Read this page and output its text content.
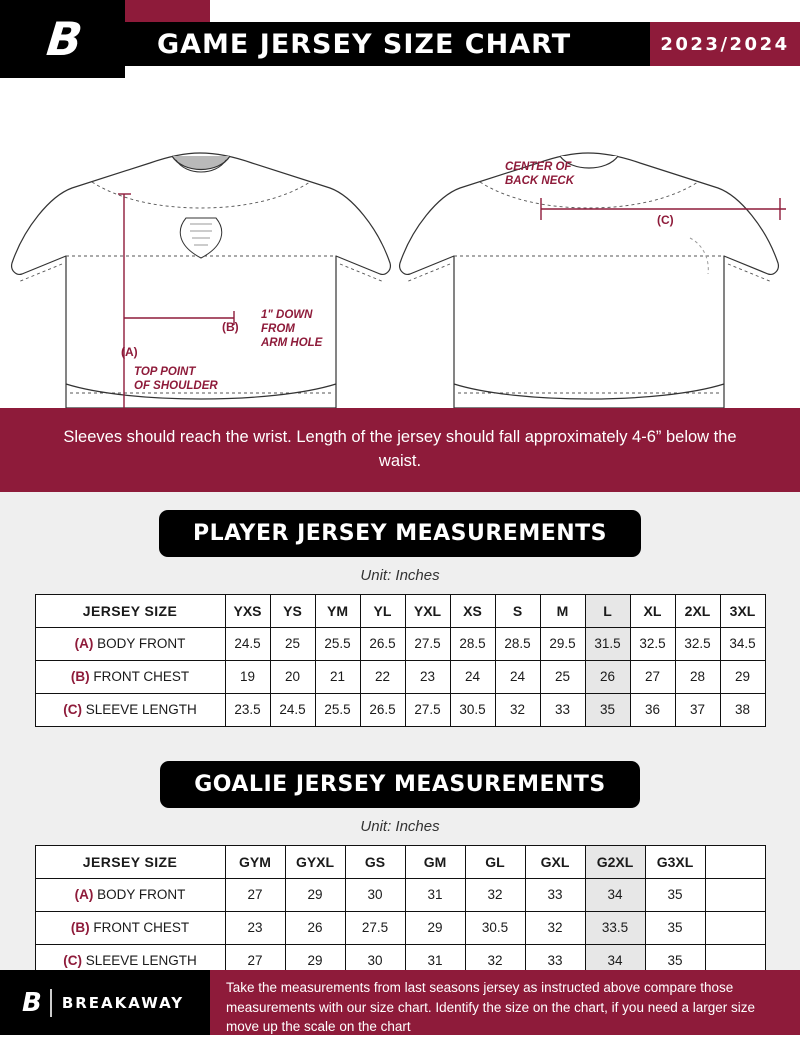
B	GAME JERSEY SIZE CHART	2023/2024
(B)
(A)
1" DOWN
FROM
ARM HOLE
TOP POINT
OF SHOULDER
(C)
CENTER OF
BACK NECK
Sleeves should reach the wrist. Length of the jersey should fall approximately 4-6” below the waist.
PLAYER JERSEY MEASUREMENTS
Unit: Inches
JERSEY SIZE	YXS	YS	YM	YL	YXL	XS	S	M	L	XL	2XL	3XL
(A) BODY FRONT	24.5	25	25.5	26.5	27.5	28.5	28.5	29.5	31.5	32.5	32.5	34.5
(B) FRONT CHEST	19	20	21	22	23	24	24	25	26	27	28	29
(C) SLEEVE LENGTH	23.5	24.5	25.5	26.5	27.5	30.5	32	33	35	36	37	38
GOALIE JERSEY MEASUREMENTS
Unit: Inches
JERSEY SIZE	GYM	GYXL	GS	GM	GL	GXL	G2XL	G3XL	
(A) BODY FRONT	27	29	30	31	32	33	34	35	
(B) FRONT CHEST	23	26	27.5	29	30.5	32	33.5	35	
(C) SLEEVE LENGTH	27	29	30	31	32	33	34	35	
B BREAKAWAY
Take the measurements from last seasons jersey as instructed above compare those measurements with our size chart. Identify the size on the chart, if you need a larger size move up the scale on the chart
